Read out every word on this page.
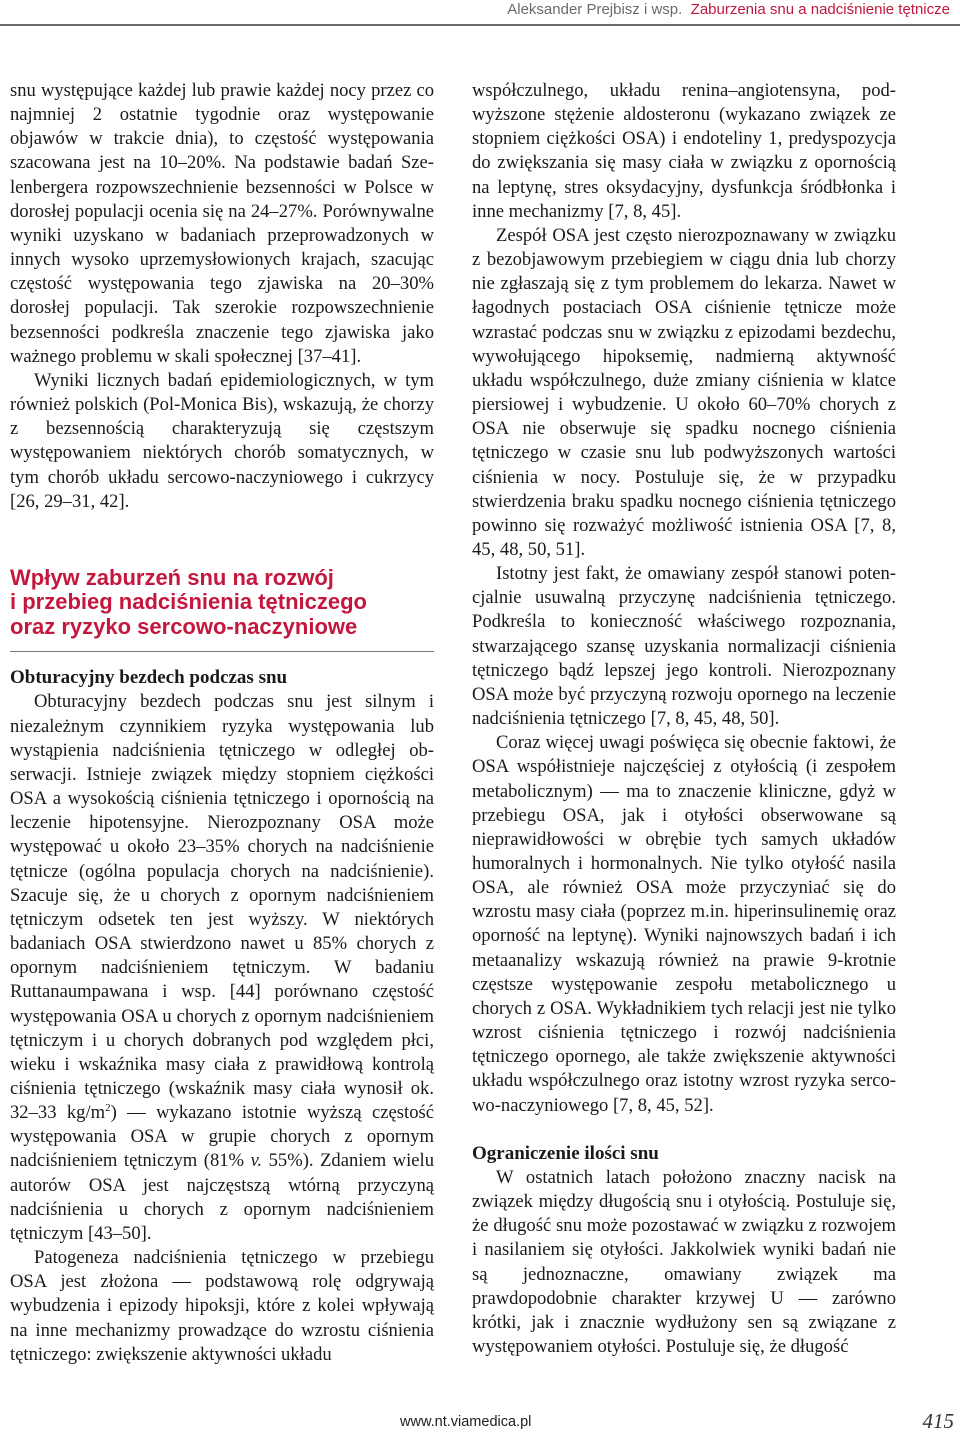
Aleksander Prejbisz i wsp. Zaburzenia snu a nadciśnienie tętnicze

snu występujące każdej lub prawie każdej nocy przez co najmniej 2 ostatnie tygodnie oraz występowanie objawów w trakcie dnia), to częstość występowania szacowana jest na 10–20%. Na podstawie badań Szelenbergera rozpowszechnienie bezsenności w Polsce w dorosłej populacji ocenia się na 24–27%. Porównywalne wyniki uzyskano w badaniach przeprowadzonych w innych wysoko uprzemysłowionych krajach, szacując częstość występowania tego zjawiska na 20–30% dorosłej populacji. Tak szerokie rozpowszechnienie bezsenności podkreśla znaczenie tego zjawiska jako ważnego problemu w skali społecznej [37–41].

Wyniki licznych badań epidemiologicznych, w tym również polskich (Pol-Monica Bis), wskazują, że chorzy z bezsennością charakteryzują się częstszym występowaniem niektórych chorób somatycznych, w tym chorób układu sercowo-naczyniowego i cukrzycy [26, 29–31, 42].

Wpływ zaburzeń snu na rozwój
i przebieg nadciśnienia tętniczego
oraz ryzyko sercowo-naczyniowe
Obturacyjny bezdech podczas snu

Obturacyjny bezdech podczas snu jest silnym i niezależnym czynnikiem ryzyka występowania lub wystąpienia nadciśnienia tętniczego w odległej obserwacji. Istnieje związek między stopniem ciężkości OSA a wysokością ciśnienia tętniczego i opornością na leczenie hipotensyjne. Nierozpoznany OSA może występować u około 23–35% chorych na nadciśnienie tętnicze (ogólna populacja chorych na nadciśnienie). Szacuje się, że u chorych z opornym nadciśnieniem tętniczym odsetek ten jest wyższy. W niektórych badaniach OSA stwierdzono nawet u 85% chorych z opornym nadciśnieniem tętniczym. W badaniu Ruttanaumpawana i wsp. [44] porównano częstość występowania OSA u chorych z opornym nadciśnieniem tętniczym i u chorych dobranych pod względem płci, wieku i wskaźnika masy ciała z prawidłową kontrolą ciśnienia tętniczego (wskaźnik masy ciała wynosił ok. 32–33 $kg/m^2$) — wykazano istotnie wyższą częstość występowania OSA w grupie chorych z opornym nadciśnieniem tętniczym (81% v. 55%). Zdaniem wielu autorów OSA jest najczęstszą wtórną przyczyną nadciśnienia u chorych z opornym nadciśnieniem tętniczym [43–50].

Patogeneza nadciśnienia tętniczego w przebiegu OSA jest złożona — podstawową rolę odgrywają wybudzenia i epizody hipoksji, które z kolei wpływają na inne mechanizmy prowadzące do wzrostu ciśnienia tętniczego: zwiększenie aktywności układu

współczulnego, układu renina–angiotensyna, podwyższone stężenie aldosteronu (wykazano związek ze stopniem ciężkości OSA) i endoteliny 1, predyspozycja do zwiększania się masy ciała w związku z opornością na leptynę, stres oksydacyjny, dysfunkcja śródbłonka i inne mechanizmy [7, 8, 45].

Zespół OSA jest często nierozpoznawany w związku z bezobjawowym przebiegiem w ciągu dnia lub chorzy nie zgłaszają się z tym problemem do lekarza. Nawet w łagodnych postaciach OSA ciśnienie tętnicze może wzrastać podczas snu w związku z epizodami bezdechu, wywołującego hipoksemię, nadmierną aktywność układu współczulnego, duże zmiany ciśnienia w klatce piersiowej i wybudzenie. U około 60–70% chorych z OSA nie obserwuje się spadku nocnego ciśnienia tętniczego w czasie snu lub podwyższonych wartości ciśnienia w nocy. Postuluje się, że w przypadku stwierdzenia braku spadku nocnego ciśnienia tętniczego powinno się rozważyć możliwość istnienia OSA [7, 8, 45, 48, 50, 51].

Istotny jest fakt, że omawiany zespół stanowi potencjalnie usuwalną przyczynę nadciśnienia tętniczego. Podkreśla to konieczność właściwego rozpoznania, stwarzającego szansę uzyskania normalizacji ciśnienia tętniczego bądź lepszej jego kontroli. Nierozpoznany OSA może być przyczyną rozwoju opornego na leczenie nadciśnienia tętniczego [7, 8, 45, 48, 50].

Coraz więcej uwagi poświęca się obecnie faktowi, że OSA współistnieje najczęściej z otyłością (i zespołem metabolicznym) — ma to znaczenie kliniczne, gdyż w przebiegu OSA, jak i otyłości obserwowane są nieprawidłowości w obrębie tych samych układów humoralnych i hormonalnych. Nie tylko otyłość nasila OSA, ale również OSA może przyczyniać się do wzrostu masy ciała (poprzez m.in. hiperinsulinemię oraz oporność na leptynę). Wyniki najnowszych badań i ich metaanalizy wskazują również na prawie 9-krotnie częstsze występowanie zespołu metabolicznego u chorych z OSA. Wykładnikiem tych relacji jest nie tylko wzrost ciśnienia tętniczego i rozwój nadciśnienia tętniczego opornego, ale także zwiększenie aktywności układu współczulnego oraz istotny wzrost ryzyka sercowo-naczyniowego [7, 8, 45, 52].

Ograniczenie ilości snu

W ostatnich latach położono znaczny nacisk na związek między długością snu i otyłością. Postuluje się, że długość snu może pozostawać w związku z rozwojem i nasilaniem się otyłości. Jakkolwiek wyniki badań nie są jednoznaczne, omawiany związek ma prawdopodobnie charakter krzywej U — zarówno krótki, jak i znacznie wydłużony sen są związane z występowaniem otyłości. Postuluje się, że długość

www.nt.viamedica.pl	415
